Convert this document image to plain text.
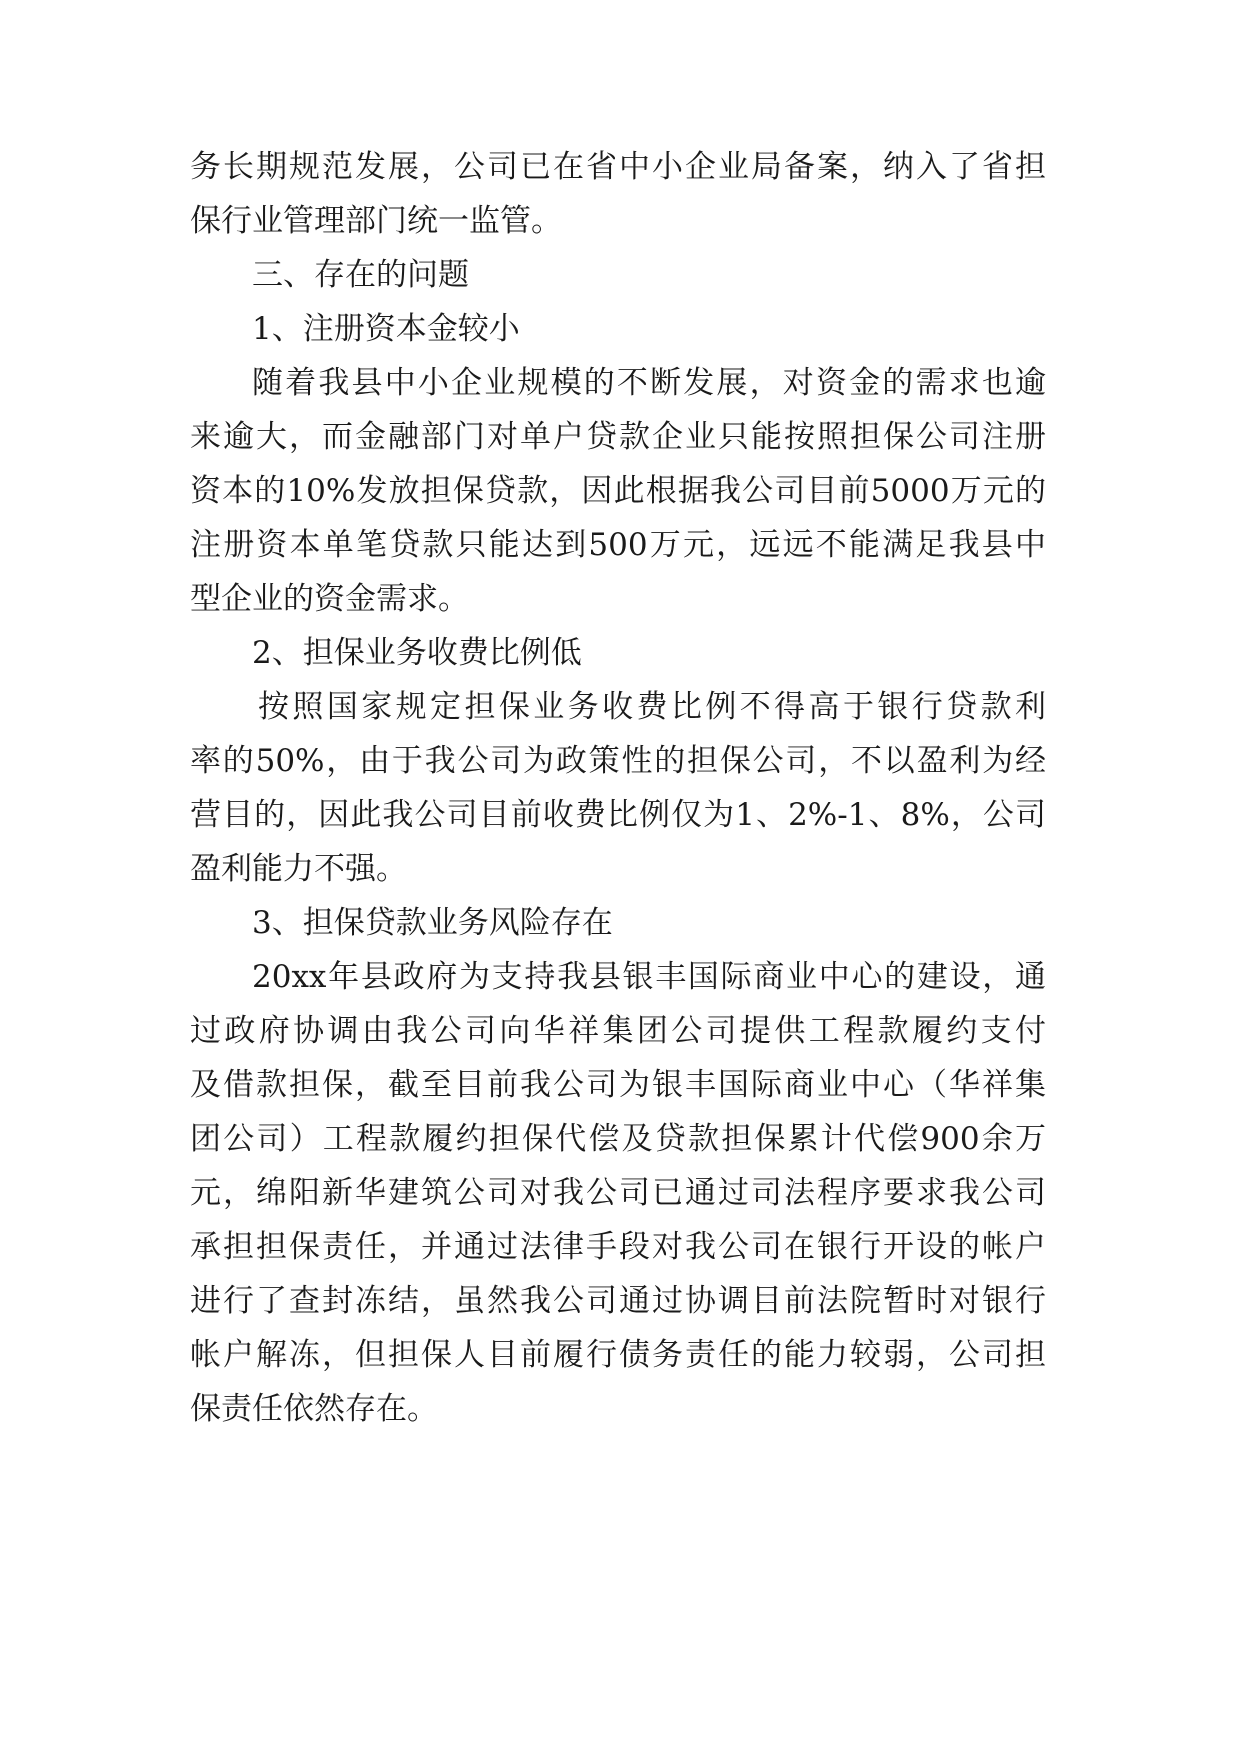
务长期规范发展，公司已在省中小企业局备案，纳入了省担
保行业管理部门统一监管。
三、存在的问题
1、注册资本金较小
随着我县中小企业规模的不断发展，对资金的需求也逾
来逾大，而金融部门对单户贷款企业只能按照担保公司注册
资本的10%发放担保贷款，因此根据我公司目前5000万元的
注册资本单笔贷款只能达到500万元，远远不能满足我县中
型企业的资金需求。
2、担保业务收费比例低
按照国家规定担保业务收费比例不得高于银行贷款利
率的50%，由于我公司为政策性的担保公司，不以盈利为经
营目的，因此我公司目前收费比例仅为1、2%-1、8%，公司
盈利能力不强。
3、担保贷款业务风险存在
20xx年县政府为支持我县银丰国际商业中心的建设，通
过政府协调由我公司向华祥集团公司提供工程款履约支付
及借款担保，截至目前我公司为银丰国际商业中心（华祥集
团公司）工程款履约担保代偿及贷款担保累计代偿900余万
元，绵阳新华建筑公司对我公司已通过司法程序要求我公司
承担担保责任，并通过法律手段对我公司在银行开设的帐户
进行了查封冻结，虽然我公司通过协调目前法院暂时对银行
帐户解冻，但担保人目前履行债务责任的能力较弱，公司担
保责任依然存在。
